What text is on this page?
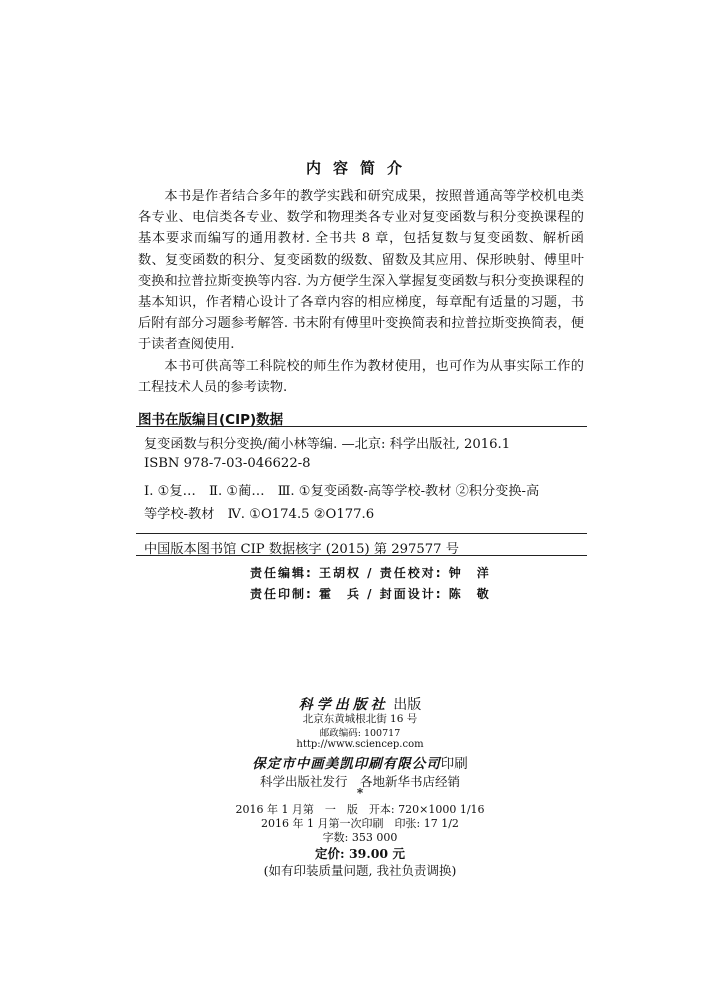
内容简介

本书是作者结合多年的教学实践和研究成果，按照普通高等学校机电类各专业、电信类各专业、数学和物理类各专业对复变函数与积分变换课程的基本要求而编写的通用教材. 全书共 8 章，包括复数与复变函数、解析函数、复变函数的积分、复变函数的级数、留数及其应用、保形映射、傅里叶变换和拉普拉斯变换等内容. 为方便学生深入掌握复变函数与积分变换课程的基本知识，作者精心设计了各章内容的相应梯度，每章配有适量的习题，书后附有部分习题参考解答. 书末附有傅里叶变换简表和拉普拉斯变换简表，便于读者查阅使用.

本书可供高等工科院校的师生作为教材使用，也可作为从事实际工作的工程技术人员的参考读物.

图书在版编目(CIP)数据
复变函数与积分变换/蔺小林等编. —北京: 科学出版社, 2016.1
ISBN 978-7-03-046622-8
Ⅰ. ①复…　Ⅱ. ①蔺…　Ⅲ. ①复变函数-高等学校-教材 ②积分变换-高
等学校-教材　Ⅳ. ①O174.5 ②O177.6
中国版本图书馆 CIP 数据核字 (2015) 第 297577 号
责任编辑: 王胡权 / 责任校对: 钟　洋
责任印制: 霍　兵 / 封面设计: 陈　敬
科学出版社 出版
北京东黄城根北街 16 号
邮政编码: 100717
http://www.sciencep.com
保定市中画美凯印刷有限公司印刷
科学出版社发行　各地新华书店经销
*
2016 年 1 月第　一　版　开本: 720×1000 1/16
2016 年 1 月第一次印刷　印张: 17 1/2
字数: 353 000
定价: 39.00 元
(如有印装质量问题, 我社负责调换)
